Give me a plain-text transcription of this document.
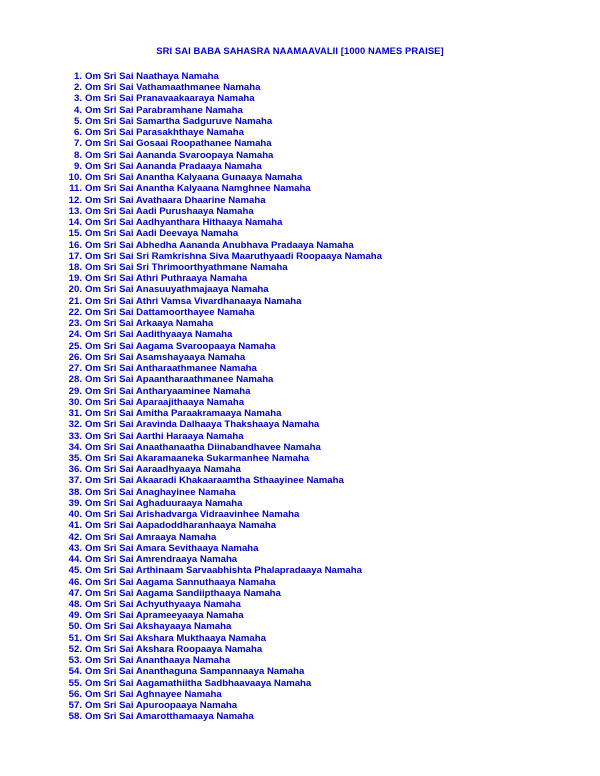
SRI SAI BABA SAHASRA NAAMAAVALII [1000 NAMES PRAISE]
1. Om Sri Sai Naathaya Namaha
2. Om Sri Sai Vathamaathmanee Namaha
3. Om Sri Sai Pranavaakaaraya Namaha
4. Om Sri Sai Parabramhane Namaha
5. Om Sri Sai Samartha Sadguruve Namaha
6. Om Sri Sai Parasakhthaye Namaha
7. Om Sri Sai Gosaai Roopathanee Namaha
8. Om Sri Sai Aananda Svaroopaya Namaha
9. Om Sri Sai Aananda Pradaaya Namaha
10. Om Sri Sai Anantha Kalyaana Gunaaya Namaha
11. Om Sri Sai Anantha Kalyaana Namghnee Namaha
12. Om Sri Sai Avathaara Dhaarine Namaha
13. Om Sri Sai Aadi Purushaaya Namaha
14. Om Sri Sai Aadhyanthara Hithaaya Namaha
15. Om Sri Sai Aadi Deevaya Namaha
16. Om Sri Sai Abhedha Aananda Anubhava Pradaaya Namaha
17. Om Sri Sai Sri Ramkrishna Siva Maaruthyaadi Roopaaya Namaha
18. Om Sri Sai Sri Thrimoorthyathmane Namaha
19. Om Sri Sai Athri Puthraaya Namaha
20. Om Sri Sai Anasuuyathmajaaya Namaha
21. Om Sri Sai Athri Vamsa Vivardhanaaya Namaha
22. Om Sri Sai Dattamoorthayee Namaha
23. Om Sri Sai Arkaaya Namaha
24. Om Sri Sai Aadithyaaya Namaha
25. Om Sri Sai Aagama Svaroopaaya Namaha
26. Om Sri Sai Asamshayaaya Namaha
27. Om Sri Sai Antharaathmanee Namaha
28. Om Sri Sai Apaantharaathmanee Namaha
29. Om Sri Sai Antharyaaminee Namaha
30. Om Sri Sai Aparaajithaaya Namaha
31. Om Sri Sai Amitha Paraakramaaya Namaha
32. Om Sri Sai Aravinda Dalhaaya Thakshaaya Namaha
33. Om Sri Sai Aarthi Haraaya Namaha
34. Om Sri Sai Anaathanaatha Diinabandhavee Namaha
35. Om Sri Sai Akaramaaneka Sukarmanhee Namaha
36. Om Sri Sai Aaraadhyaaya Namaha
37. Om Sri Sai Akaaradi Khakaaraamtha Sthaayinee Namaha
38. Om Sri Sai Anaghayinee Namaha
39. Om Sri Sai Aghaduuraaya Namaha
40. Om Sri Sai Arishadvarga Vidraavinhee Namaha
41. Om Sri Sai Aapadoddharanhaaya Namaha
42. Om Sri Sai Amraaya Namaha
43. Om Sri Sai Amara Sevithaaya Namaha
44. Om Sri Sai Amrendraaya Namaha
45. Om Sri Sai Arthinaam Sarvaabhishta Phalapradaaya Namaha
46. Om Sri Sai Aagama Sannuthaaya Namaha
47. Om Sri Sai Aagama Sandiipthaaya Namaha
48. Om Sri Sai Achyuthyaaya Namaha
49. Om Sri Sai Aprameeyaaya Namaha
50. Om Sri Sai Akshayaaya Namaha
51. Om Sri Sai Akshara Mukthaaya Namaha
52. Om Sri Sai Akshara Roopaaya Namaha
53. Om Sri Sai Ananthaaya Namaha
54. Om Sri Sai Ananthaguna Sampannaaya Namaha
55. Om Sri Sai Aagamathiitha Sadbhaavaaya Namaha
56. Om Sri Sai Aghnayee Namaha
57. Om Sri Sai Apuroopaaya Namaha
58. Om Sri Sai Amarotthamaaya Namaha
